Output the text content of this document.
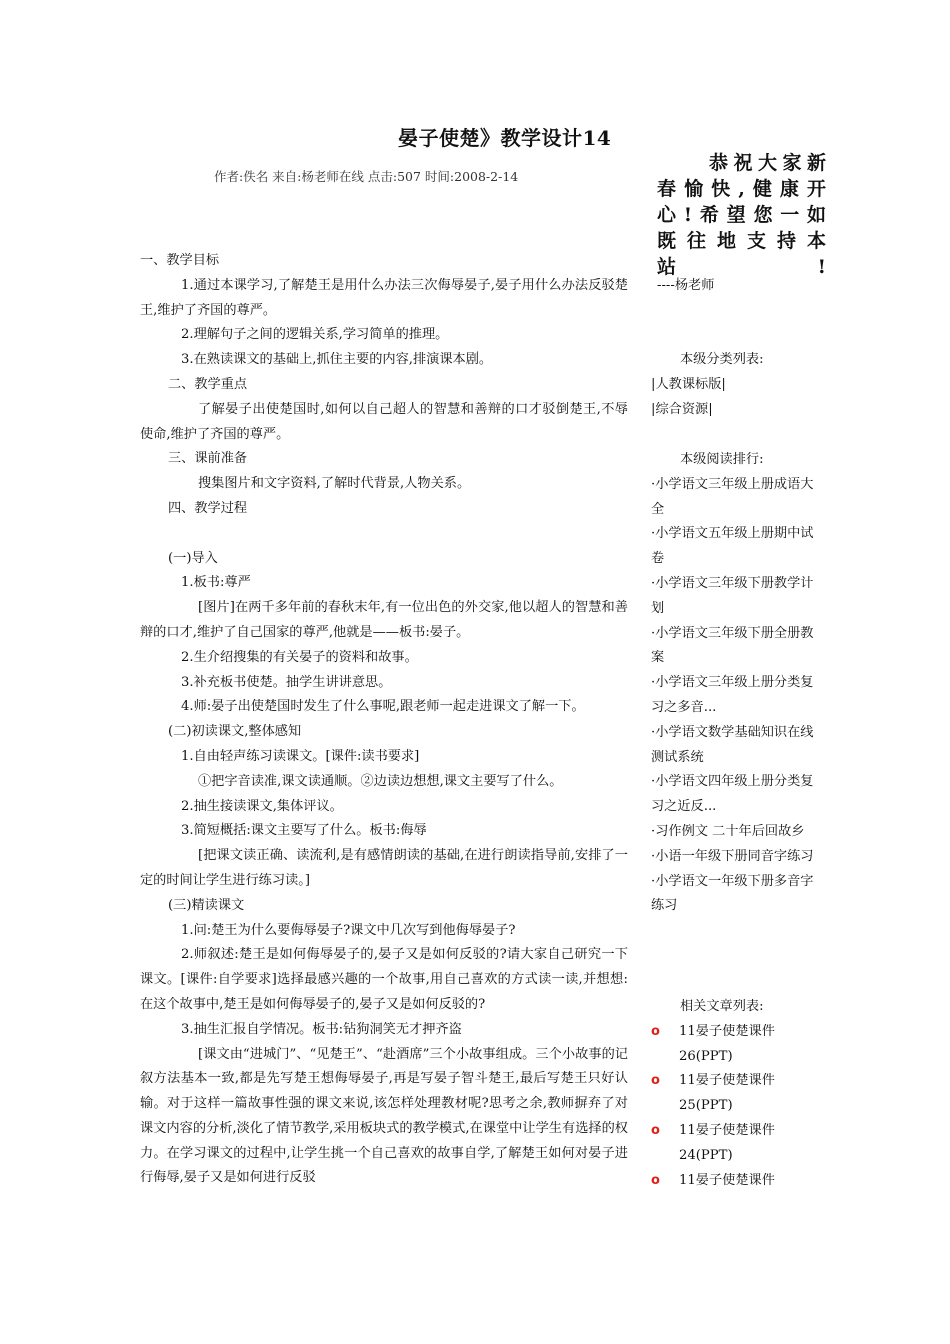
晏子使楚》教学设计14
作者:佚名 来自:杨老师在线 点击:507 时间:2008-2-14
恭祝大家新
春愉快,健康开
心!希望您一如
既往地支持本
站 !
----杨老师

本级分类列表:

|人教课标版|

|综合资源|

本级阅读排行:

·小学语文三年级上册成语大全

·小学语文五年级上册期中试卷

·小学语文三年级下册教学计划

·小学语文三年级下册全册教案

·小学语文三年级上册分类复习之多音...

·小学语文数学基础知识在线测试系统

·小学语文四年级上册分类复习之近反...

·习作例文 二十年后回故乡

·小语一年级下册同音字练习

·小学语文一年级下册多音字练习

相关文章列表:

o 11晏子使楚课件26(PPT)
o 11晏子使楚课件25(PPT)
o 11晏子使楚课件24(PPT)
o 11晏子使楚课件

一、教学目标

1.通过本课学习,了解楚王是用什么办法三次侮辱晏子,晏子用什么办法反驳楚王,维护了齐国的尊严。

2.理解句子之间的逻辑关系,学习简单的推理。

3.在熟读课文的基础上,抓住主要的内容,排演课本剧。

二、教学重点

了解晏子出使楚国时,如何以自己超人的智慧和善辩的口才驳倒楚王,不辱使命,维护了齐国的尊严。

三、课前准备

搜集图片和文字资料,了解时代背景,人物关系。

四、教学过程

(一)导入

1.板书:尊严

[图片]在两千多年前的春秋末年,有一位出色的外交家,他以超人的智慧和善辩的口才,维护了自己国家的尊严,他就是——板书:晏子。

2.生介绍搜集的有关晏子的资料和故事。

3.补充板书使楚。抽学生讲讲意思。

4.师:晏子出使楚国时发生了什么事呢,跟老师一起走进课文了解一下。

(二)初读课文,整体感知

1.自由轻声练习读课文。[课件:读书要求]

①把字音读准,课文读通顺。②边读边想想,课文主要写了什么。

2.抽生接读课文,集体评议。

3.简短概括:课文主要写了什么。板书:侮辱

[把课文读正确、读流利,是有感情朗读的基础,在进行朗读指导前,安排了一定的时间让学生进行练习读。]

(三)精读课文

1.问:楚王为什么要侮辱晏子?课文中几次写到他侮辱晏子?

2.师叙述:楚王是如何侮辱晏子的,晏子又是如何反驳的?请大家自己研究一下课文。[课件:自学要求]选择最感兴趣的一个故事,用自己喜欢的方式读一读,并想想:在这个故事中,楚王是如何侮辱晏子的,晏子又是如何反驳的?

3.抽生汇报自学情况。板书:钻狗洞笑无才押齐盗

[课文由“进城门”、“见楚王”、“赴酒席”三个小故事组成。三个小故事的记叙方法基本一致,都是先写楚王想侮辱晏子,再是写晏子智斗楚王,最后写楚王只好认输。对于这样一篇故事性强的课文来说,该怎样处理教材呢?思考之余,教师摒弃了对课文内容的分析,淡化了情节教学,采用板块式的教学模式,在课堂中让学生有选择的权力。在学习课文的过程中,让学生挑一个自己喜欢的故事自学,了解楚王如何对晏子进行侮辱,晏子又是如何进行反驳
